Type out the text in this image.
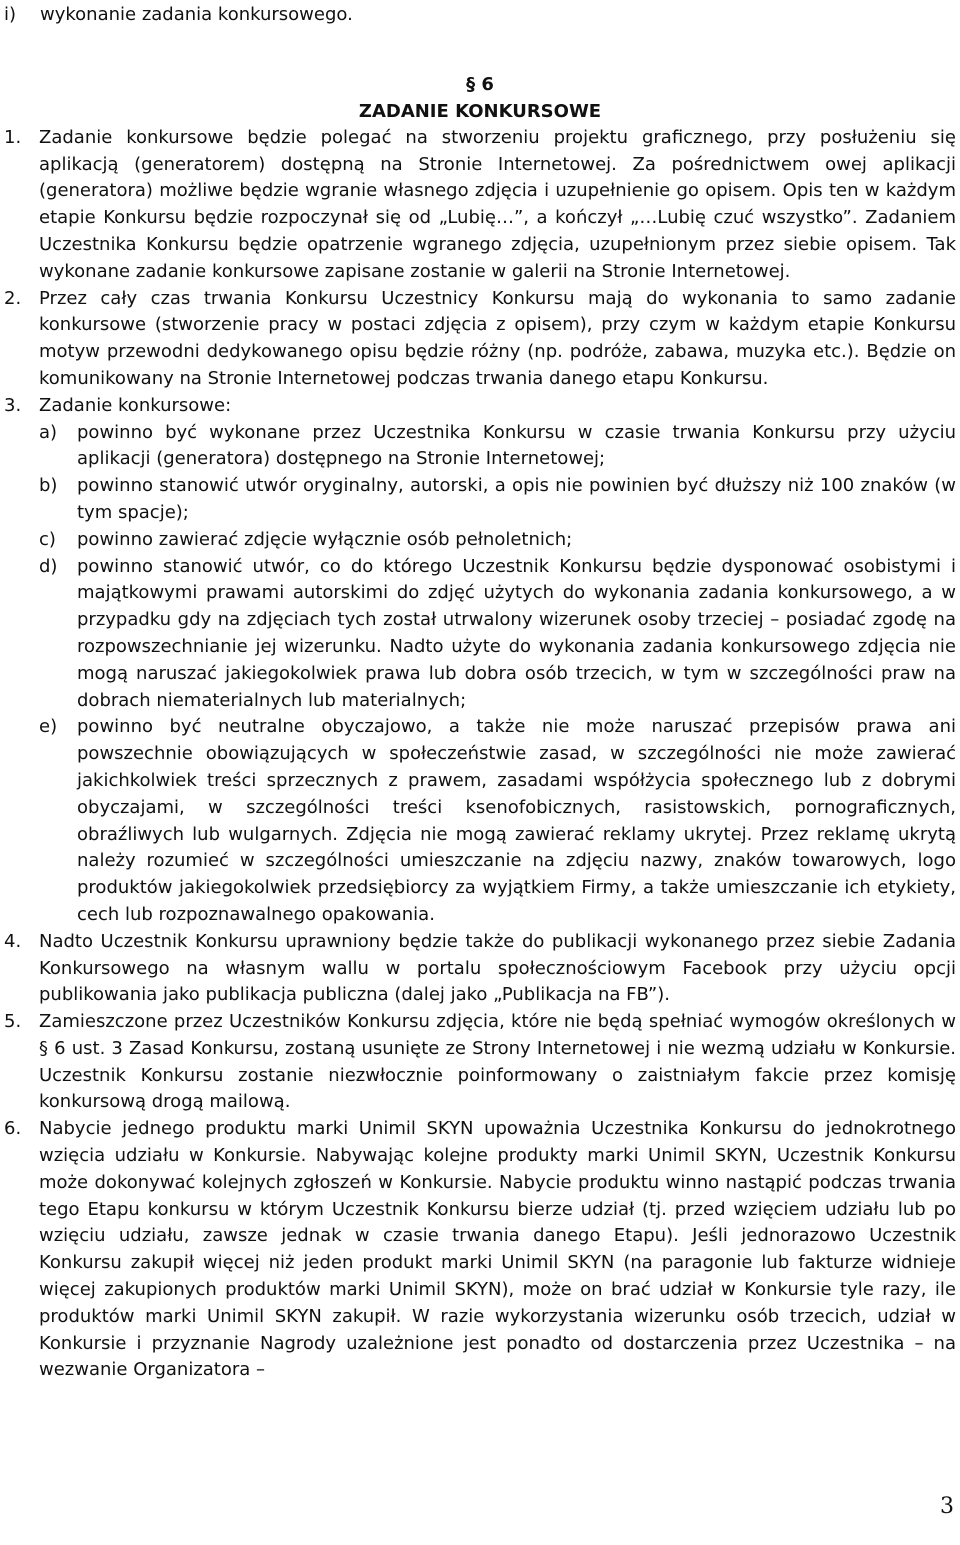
i)	wykonanie zadania konkursowego.
§ 6
ZADANIE KONKURSOWE
1. Zadanie konkursowe będzie polegać na stworzeniu projektu graficznego, przy posłużeniu się aplikacją (generatorem) dostępną na Stronie Internetowej. Za pośrednictwem owej aplikacji (generatora) możliwe będzie wgranie własnego zdjęcia i uzupełnienie go opisem. Opis ten w każdym etapie Konkursu będzie rozpoczynał się od „Lubię…”, a kończył „…Lubię czuć wszystko”. Zadaniem Uczestnika Konkursu będzie opatrzenie wgranego zdjęcia, uzupełnionym przez siebie opisem. Tak wykonane zadanie konkursowe zapisane zostanie w galerii na Stronie Internetowej.
2. Przez cały czas trwania Konkursu Uczestnicy Konkursu mają do wykonania to samo zadanie konkursowe (stworzenie pracy w postaci zdjęcia z opisem), przy czym w każdym etapie Konkursu motyw przewodni dedykowanego opisu będzie różny (np. podróże, zabawa, muzyka etc.). Będzie on komunikowany na Stronie Internetowej podczas trwania danego etapu Konkursu.
3. Zadanie konkursowe:
a)	powinno być wykonane przez Uczestnika Konkursu w czasie trwania Konkursu przy użyciu aplikacji (generatora) dostępnego na Stronie Internetowej;
b)	powinno stanowić utwór oryginalny, autorski, a opis nie powinien być dłuższy niż 100 znaków (w tym spacje);
c)	powinno zawierać zdjęcie wyłącznie osób pełnoletnich;
d)	powinno stanowić utwór, co do którego Uczestnik Konkursu będzie dysponować osobistymi i majątkowymi prawami autorskimi do zdjęć użytych do wykonania zadania konkursowego, a w przypadku gdy na zdjęciach tych został utrwalony wizerunek osoby trzeciej – posiadać zgodę na rozpowszechnianie jej wizerunku. Nadto użyte do wykonania zadania konkursowego zdjęcia nie mogą naruszać jakiegokolwiek prawa lub dobra osób trzecich, w tym w szczególności praw na dobrach niematerialnych lub materialnych;
e)	powinno być neutralne obyczajowo, a także nie może naruszać przepisów prawa ani powszechnie obowiązujących w społeczeństwie zasad, w szczególności nie może zawierać jakichkolwiek treści sprzecznych z prawem, zasadami współżycia społecznego lub z dobrymi obyczajami, w szczególności treści ksenofobicznych, rasistowskich, pornograficznych, obraźliwych lub wulgarnych. Zdjęcia nie mogą zawierać reklamy ukrytej. Przez reklamę ukrytą należy rozumieć w szczególności umieszczanie na zdjęciu nazwy, znaków towarowych, logo produktów jakiegokolwiek przedsiębiorcy za wyjątkiem Firmy, a także umieszczanie ich etykiety, cech lub rozpoznawalnego opakowania.
4. Nadto Uczestnik Konkursu uprawniony będzie także do publikacji wykonanego przez siebie Zadania Konkursowego na własnym wallu w portalu społecznościowym Facebook przy użyciu opcji publikowania jako publikacja publiczna (dalej jako „Publikacja na FB”).
5. Zamieszczone przez Uczestników Konkursu zdjęcia, które nie będą spełniać wymogów określonych w § 6 ust. 3 Zasad Konkursu, zostaną usunięte ze Strony Internetowej i nie wezmą udziału w Konkursie. Uczestnik Konkursu zostanie niezwłocznie poinformowany o zaistniałym fakcie przez komisję konkursową drogą mailową.
6. Nabycie jednego produktu marki Unimil SKYN upoważnia Uczestnika Konkursu do jednokrotnego wzięcia udziału w Konkursie. Nabywając kolejne produkty marki Unimil SKYN, Uczestnik Konkursu może dokonywać kolejnych zgłoszeń w Konkursie. Nabycie produktu winno nastąpić podczas trwania tego Etapu konkursu w którym Uczestnik Konkursu bierze udział (tj. przed wzięciem udziału lub po wzięciu udziału, zawsze jednak w czasie trwania danego Etapu). Jeśli jednorazowo Uczestnik Konkursu zakupił więcej niż jeden produkt marki Unimil SKYN (na paragonie lub fakturze widnieje więcej zakupionych produktów marki Unimil SKYN), może on brać udział w Konkursie tyle razy, ile produktów marki Unimil SKYN zakupił. W razie wykorzystania wizerunku osób trzecich, udział w Konkursie i przyznanie Nagrody uzależnione jest ponadto od dostarczenia przez Uczestnika – na wezwanie Organizatora –
3
